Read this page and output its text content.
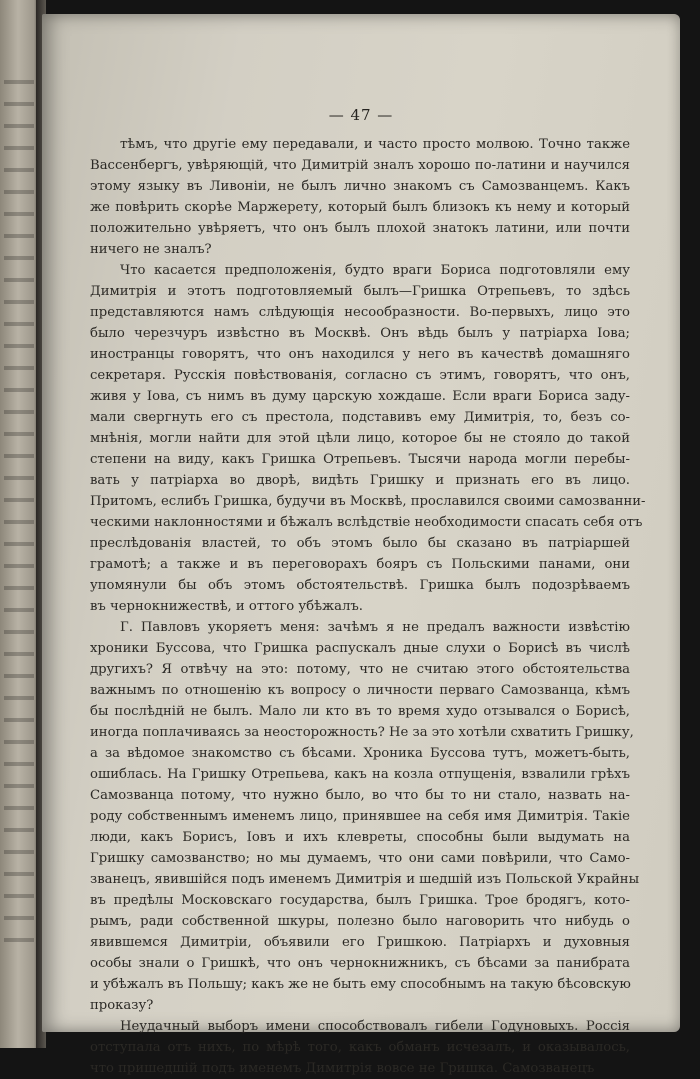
— 47 —
тѣмъ, что другіе ему передавали, и часто просто молвою. Точно также
Вассенбергъ, увѣряющій, что Димитрій зналъ хорошо по-латини и научился
этому языку въ Ливоніи, не былъ лично знакомъ съ Самозванцемъ. Какъ
же повѣрить скорѣе Маржерету, который былъ близокъ къ нему и который
положительно увѣряетъ, что онъ былъ плохой знатокъ латини, или почти
ничего не зналъ?
Что касается предположенія, будто враги Бориса подготовляли ему
Димитрія и этотъ подготовляемый былъ—Гришка Отрепьевъ, то здѣсь
представляются намъ слѣдующія несообразности. Во-первыхъ, лицо это
было черезчуръ извѣстно въ Москвѣ. Онъ вѣдь былъ у патріарха Іова;
иностранцы говорятъ, что онъ находился у него въ качествѣ домашняго
секретаря. Русскія повѣствованія, согласно съ этимъ, говорятъ, что онъ,
живя у Іова, съ нимъ въ думу царскую хождаше. Если враги Бориса заду-
мали свергнуть его съ престола, подставивъ ему Димитрія, то, безъ со-
мнѣнія, могли найти для этой цѣли лицо, которое бы не стояло до такой
степени на виду, какъ Гришка Отрепьевъ. Тысячи народа могли перебы-
вать у патріарха во дворѣ, видѣть Гришку и признать его въ лицо.
Притомъ, еслибъ Гришка, будучи въ Москвѣ, прославился своими самозванни-
ческими наклонностями и бѣжалъ вслѣдствіе необходимости спасать себя отъ
преслѣдованія властей, то объ этомъ было бы сказано въ патріаршей
грамотѣ; а также и въ переговорахъ бояръ съ Польскими панами, они
упомянули бы объ этомъ обстоятельствѣ. Гришка былъ подозрѣваемъ
въ чернокнижествѣ, и оттого убѣжалъ.
Г. Павловъ укоряетъ меня: зачѣмъ я не предалъ важности извѣстію
хроники Буссова, что Гришка распускалъ дные слухи о Борисѣ въ числѣ
другихъ? Я отвѣчу на это: потому, что не считаю этого обстоятельства
важнымъ по отношенію къ вопросу о личности перваго Самозванца, кѣмъ
бы послѣдній не былъ. Мало ли кто въ то время худо отзывался о Борисѣ,
иногда поплачиваясь за неосторожность? Не за это хотѣли схватить Гришку,
а за вѣдомое знакомство съ бѣсами. Хроника Буссова тутъ, можетъ-быть,
ошиблась. На Гришку Отрепьева, какъ на козла отпущенія, взвалили грѣхъ
Самозванца потому, что нужно было, во что бы то ни стало, назвать на-
роду собственнымъ именемъ лицо, принявшее на себя имя Димитрія. Такіе
люди, какъ Борисъ, Іовъ и ихъ клевреты, способны были выдумать на
Гришку самозванство; но мы думаемъ, что они сами повѣрили, что Само-
званецъ, явившійся подъ именемъ Димитрія и шедшій изъ Польской Украйны
въ предѣлы Московскаго государства, былъ Гришка. Трое бродягъ, кото-
рымъ, ради собственной шкуры, полезно было наговорить что нибудь о
явившемся Димитріи, объявили его Гришкою. Патріархъ и духовныя
особы знали о Гришкѣ, что онъ чернокнижникъ, съ бѣсами за панибрата
и убѣжалъ въ Польшу; какъ же не быть ему способнымъ на такую бѣсовскую
проказу?
Неудачный выборъ имени способствовалъ гибели Годуновыхъ. Россія
отступала отъ нихъ, по мѣрѣ того, какъ обманъ исчезалъ, и оказывалось,
что пришедшій подъ именемъ Димитрія вовсе не Гришка. Самозванецъ
